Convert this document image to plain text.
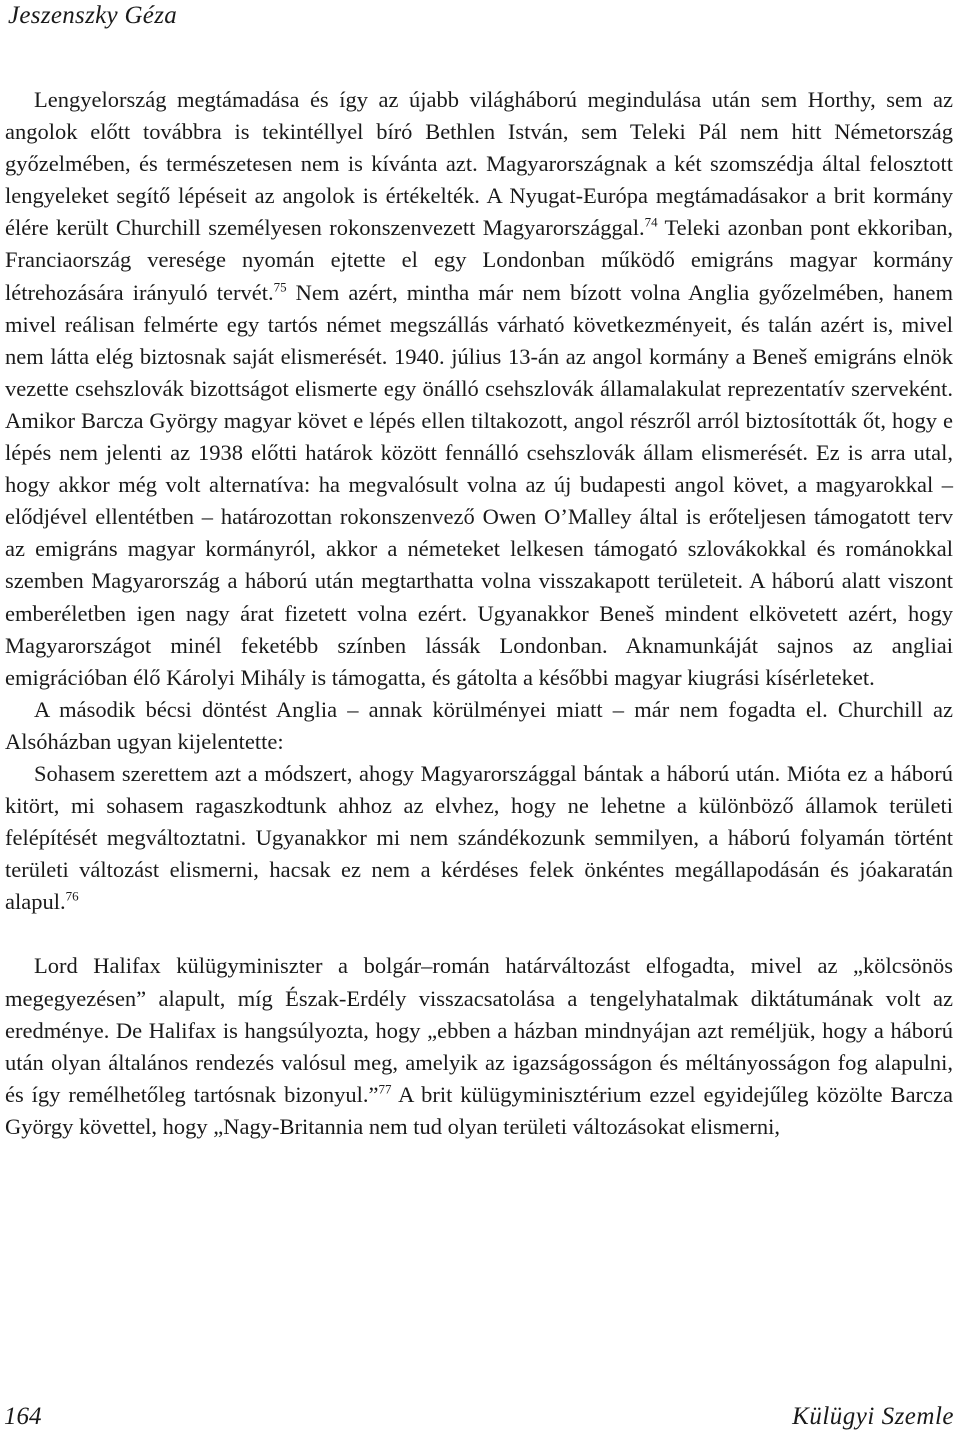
Jeszenszky Géza

Lengyelország megtámadása és így az újabb világháború megindulása után sem Horthy, sem az angolok előtt továbbra is tekintéllyel bíró Bethlen István, sem Teleki Pál nem hitt Németország győzelmében, és természetesen nem is kívánta azt. Magyarországnak a két szomszédja által felosztott lengyeleket segítő lépéseit az angolok is értékelték. A Nyugat-Európa megtámadásakor a brit kormány élére került Churchill személyesen rokonszenvezett Magyarországgal.$^{74}$ Teleki azonban pont ekkoriban, Franciaország veresége nyomán ejtette el egy Londonban működő emigráns magyar kormány létrehozására irányuló tervét.$^{75}$ Nem azért, mintha már nem bízott volna Anglia győzelmében, hanem mivel reálisan felmérte egy tartós német megszállás várható következményeit, és talán azért is, mivel nem látta elég biztosnak saját elismerését. 1940. július 13-án az angol kormány a Beneš emigráns elnök vezette csehszlovák bizottságot elismerte egy önálló csehszlovák államalakulat reprezentatív szerveként. Amikor Barcza György magyar követ e lépés ellen tiltakozott, angol részről arról biztosították őt, hogy e lépés nem jelenti az 1938 előtti határok között fennálló csehszlovák állam elismerését. Ez is arra utal, hogy akkor még volt alternatíva: ha megvalósult volna az új budapesti angol követ, a magyarokkal – elődjével ellentétben – határozottan rokonszenvező Owen O’Malley által is erőteljesen támogatott terv az emigráns magyar kormányról, akkor a németeket lelkesen támogató szlovákokkal és románokkal szemben Magyarország a háború után megtarthatta volna visszakapott területeit. A háború alatt viszont emberéletben igen nagy árat fizetett volna ezért. Ugyanakkor Beneš mindent elkövetett azért, hogy Magyarországot minél feketébb színben lássák Londonban. Aknamunkáját sajnos az angliai emigrációban élő Károlyi Mihály is támogatta, és gátolta a későbbi magyar kiugrási kísérleteket.

A második bécsi döntést Anglia – annak körülményei miatt – már nem fogadta el. Churchill az Alsóházban ugyan kijelentette:

Sohasem szerettem azt a módszert, ahogy Magyarországgal bántak a háború után. Mióta ez a háború kitört, mi sohasem ragaszkodtunk ahhoz az elvhez, hogy ne lehetne a különböző államok területi felépítését megváltoztatni. Ugyanakkor mi nem szándékozunk semmilyen, a háború folyamán történt területi változást elismerni, hacsak ez nem a kérdéses felek önkéntes megállapodásán és jóakaratán alapul.$^{76}$

Lord Halifax külügyminiszter a bolgár–román határváltozást elfogadta, mivel az „kölcsönös megegyezésen” alapult, míg Észak-Erdély visszacsatolása a tengelyhatalmak diktátumának volt az eredménye. De Halifax is hangsúlyozta, hogy „ebben a házban mindnyájan azt reméljük, hogy a háború után olyan általános rendezés valósul meg, amelyik az igazságosságon és méltányosságon fog alapulni, és így remélhetőleg tartósnak bizonyul.”$^{77}$ A brit külügyminisztérium ezzel egyidejűleg közölte Barcza György követtel, hogy „Nagy-Britannia nem tud olyan területi változásokat elismerni,

164	Külügyi Szemle
